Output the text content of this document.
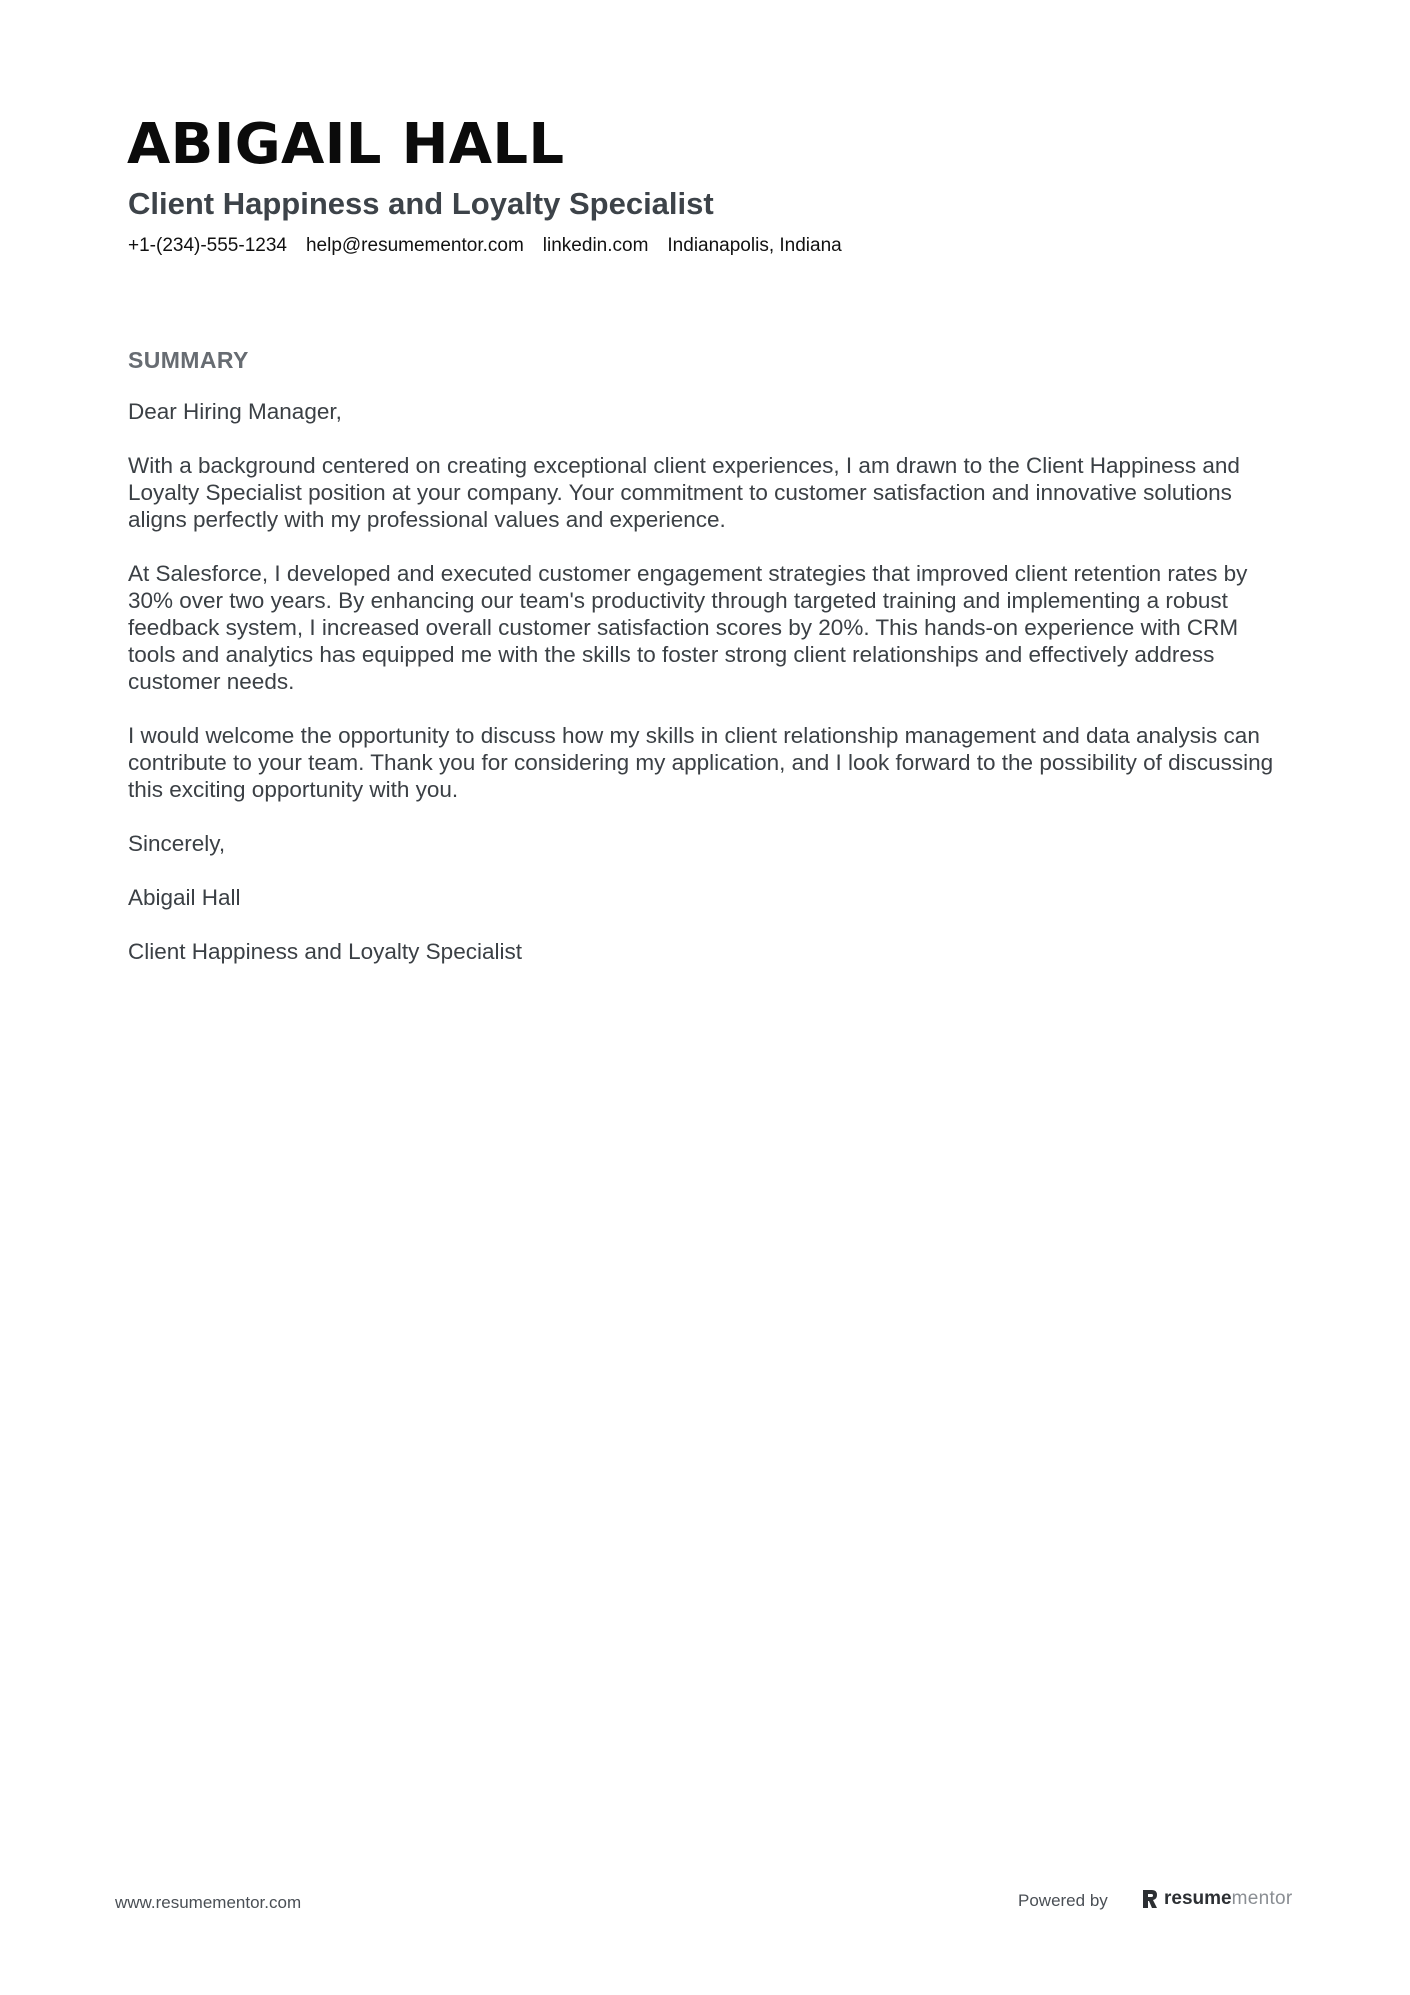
ABIGAIL HALL
Client Happiness and Loyalty Specialist
+1-(234)-555-1234 help@resumementor.com linkedin.com Indianapolis, Indiana
SUMMARY

Dear Hiring Manager,

With a background centered on creating exceptional client experiences, I am drawn to the Client Happiness and Loyalty Specialist position at your company. Your commitment to customer satisfaction and innovative solutions aligns perfectly with my professional values and experience.

At Salesforce, I developed and executed customer engagement strategies that improved client retention rates by 30% over two years. By enhancing our team's productivity through targeted training and implementing a robust feedback system, I increased overall customer satisfaction scores by 20%. This hands-on experience with CRM tools and analytics has equipped me with the skills to foster strong client relationships and effectively address customer needs.

I would welcome the opportunity to discuss how my skills in client relationship management and data analysis can contribute to your team. Thank you for considering my application, and I look forward to the possibility of discussing this exciting opportunity with you.

Sincerely,

Abigail Hall

Client Happiness and Loyalty Specialist

www.resumementor.com	Powered by	resume mentor
